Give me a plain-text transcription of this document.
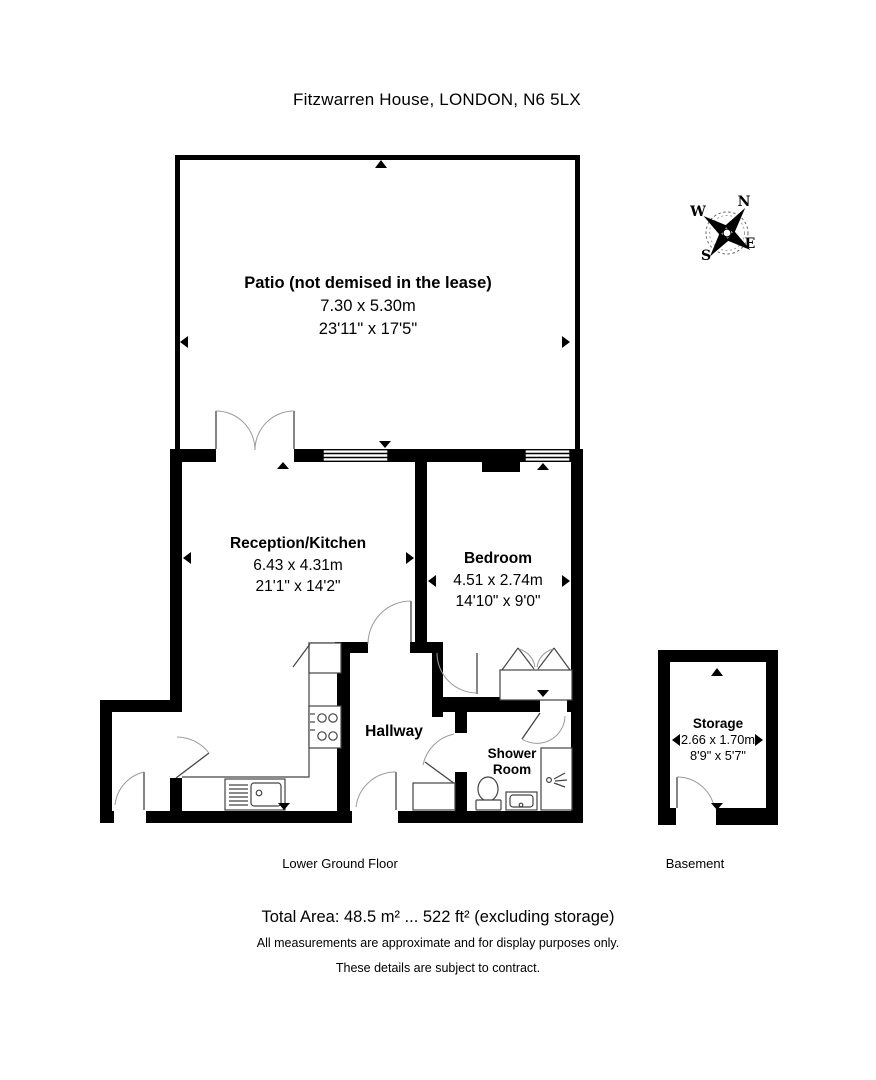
Fitzwarren House, LONDON, N6 5LX
Patio (not demised in the lease)
7.30 x 5.30m
23'11" x 17'5"
Reception/Kitchen
6.43 x 4.31m
21'1" x 14'2"
Bedroom
4.51 x 2.74m
14'10" x 9'0"
Hallway
Shower
Room
Storage
2.66 x 1.70m
8'9" x 5'7"
Lower Ground Floor	Basement
Total Area: 48.5 m² ... 522 ft² (excluding storage)
All measurements are approximate and for display purposes only.
These details are subject to contract.
N
W
E
S
